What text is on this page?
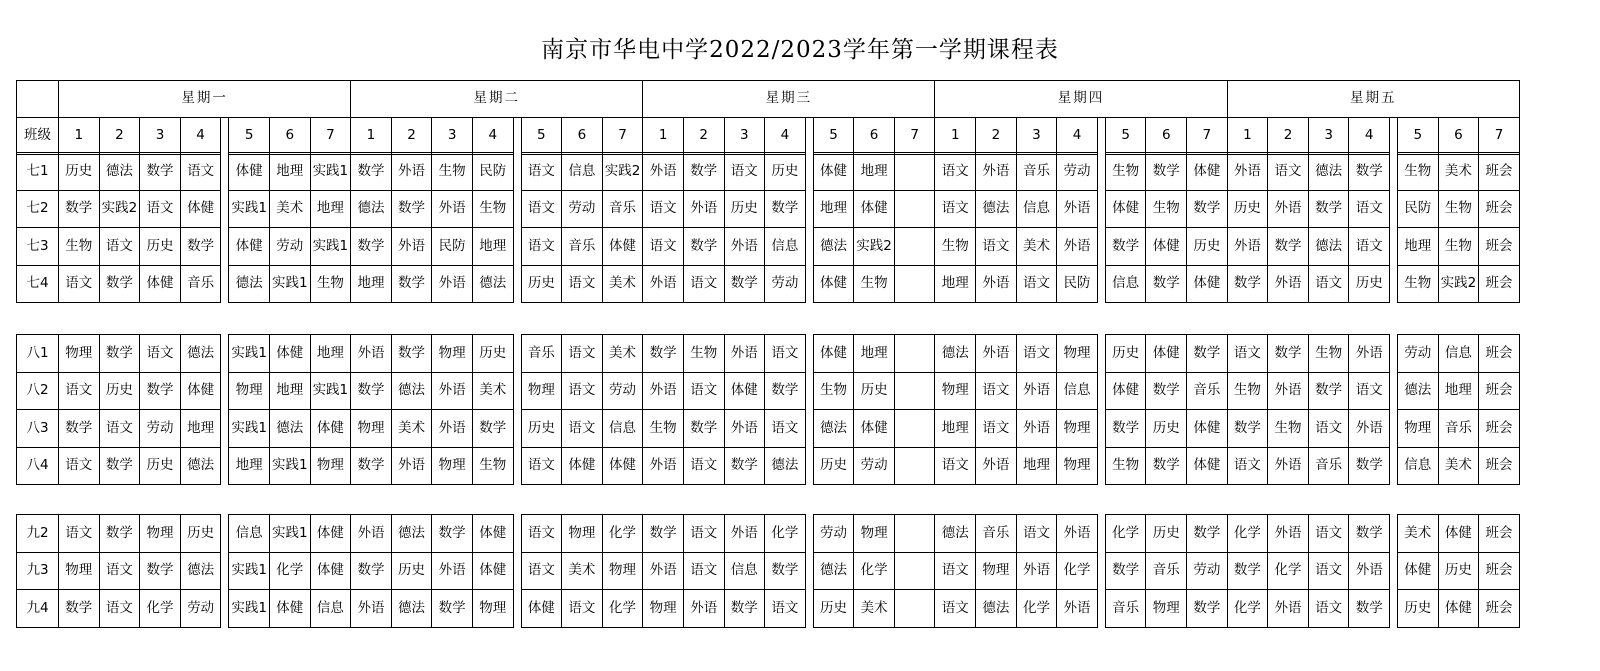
南京市华电中学2022/2023学年第一学期课程表
	星期一								星期二								星期三								星期四								星期五							
班级	1	2	3	4		5	6	7	1	2	3	4		5	6	7	1	2	3	4		5	6	7	1	2	3	4		5	6	7	1	2	3	4		5	6	7
七1	历史	德法	数学	语文		体健	地理	实践1	数学	外语	生物	民防		语文	信息	实践2	外语	数学	语文	历史		体健	地理		语文	外语	音乐	劳动		生物	数学	体健	外语	语文	德法	数学		生物	美术	班会
七2	数学	实践2	语文	体健		实践1	美术	地理	德法	数学	外语	生物		语文	劳动	音乐	语文	外语	历史	数学		地理	体健		语文	德法	信息	外语		体健	生物	数学	历史	外语	数学	语文		民防	生物	班会
七3	生物	语文	历史	数学		体健	劳动	实践1	数学	外语	民防	地理		语文	音乐	体健	语文	数学	外语	信息		德法	实践2		生物	语文	美术	外语		数学	体健	历史	外语	数学	德法	语文		地理	生物	班会
七4	语文	数学	体健	音乐		德法	实践1	生物	地理	数学	外语	德法		历史	语文	美术	外语	语文	数学	劳动		体健	生物		地理	外语	语文	民防		信息	数学	体健	数学	外语	语文	历史		生物	实践2	班会
八1	物理	数学	语文	德法		实践1	体健	地理	外语	数学	物理	历史		音乐	语文	美术	数学	生物	外语	语文		体健	地理		德法	外语	语文	物理		历史	体健	数学	语文	数学	生物	外语		劳动	信息	班会
八2	语文	历史	数学	体健		物理	地理	实践1	数学	德法	外语	美术		物理	语文	劳动	外语	语文	体健	数学		生物	历史		物理	语文	外语	信息		体健	数学	音乐	生物	外语	数学	语文		德法	地理	班会
八3	数学	语文	劳动	地理		实践1	德法	体健	物理	美术	外语	数学		历史	语文	信息	生物	数学	外语	语文		德法	体健		地理	语文	外语	物理		数学	历史	体健	数学	生物	语文	外语		物理	音乐	班会
八4	语文	数学	历史	德法		地理	实践1	物理	数学	外语	物理	生物		语文	体健	体健	外语	语文	数学	德法		历史	劳动		语文	外语	地理	物理		生物	数学	体健	语文	外语	音乐	数学		信息	美术	班会
九2	语文	数学	物理	历史		信息	实践1	体健	外语	德法	数学	体健		语文	物理	化学	数学	语文	外语	化学		劳动	物理		德法	音乐	语文	外语		化学	历史	数学	化学	外语	语文	数学		美术	体健	班会
九3	物理	语文	数学	德法		实践1	化学	体健	数学	历史	外语	体健		语文	美术	物理	外语	语文	信息	数学		德法	化学		语文	物理	外语	化学		数学	音乐	劳动	数学	化学	语文	外语		体健	历史	班会
九4	数学	语文	化学	劳动		实践1	体健	信息	外语	德法	数学	物理		体健	语文	化学	物理	外语	数学	语文		历史	美术		语文	德法	化学	外语		音乐	物理	数学	化学	外语	语文	数学		历史	体健	班会
